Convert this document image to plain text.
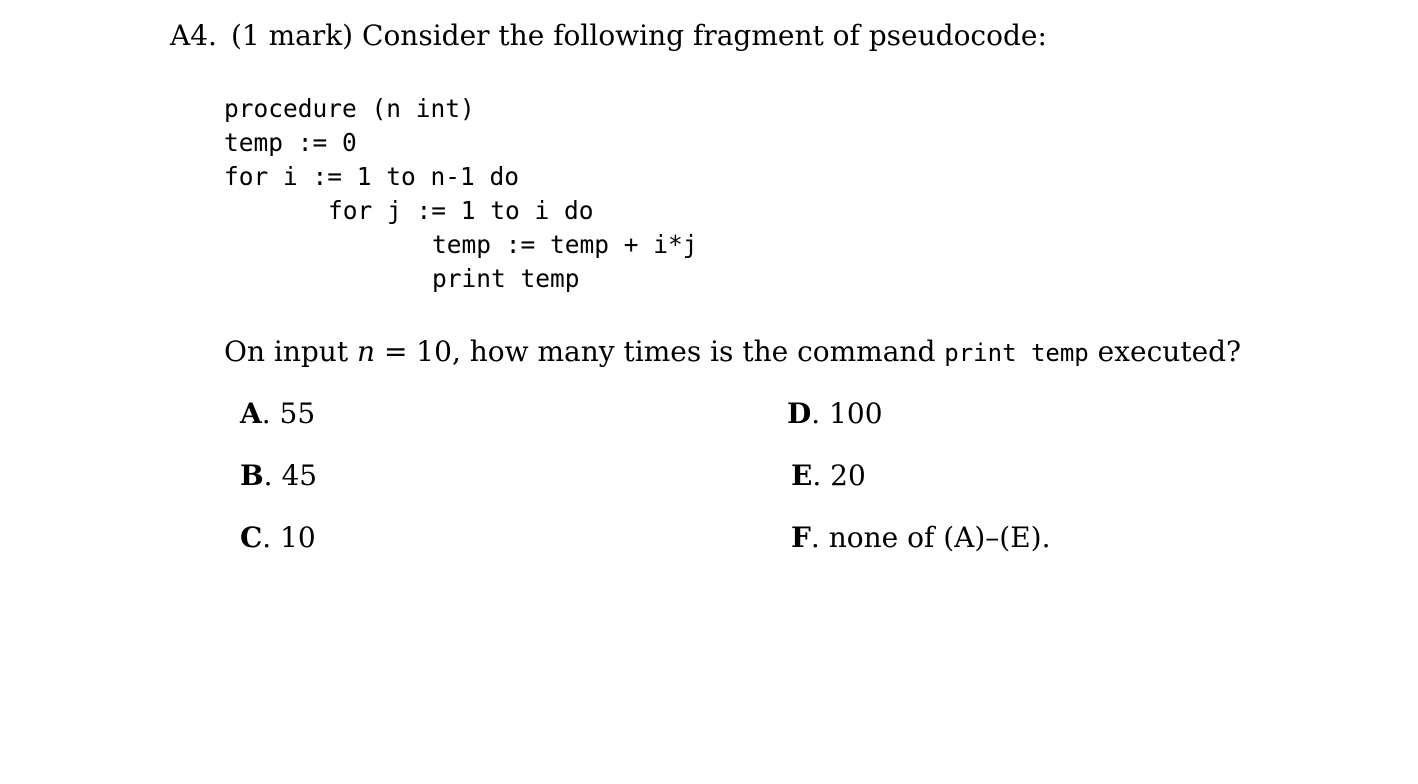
A4. (1 mark) Consider the following fragment of pseudocode:
procedure (n int)
temp := 0
for i := 1 to n-1 do
for j := 1 to i do
temp := temp + i*j
print temp
On input n = 10, how many times is the command print temp executed?
A. 55
B. 45
C. 10
D. 100
E. 20
F. none of (A)–(E).
